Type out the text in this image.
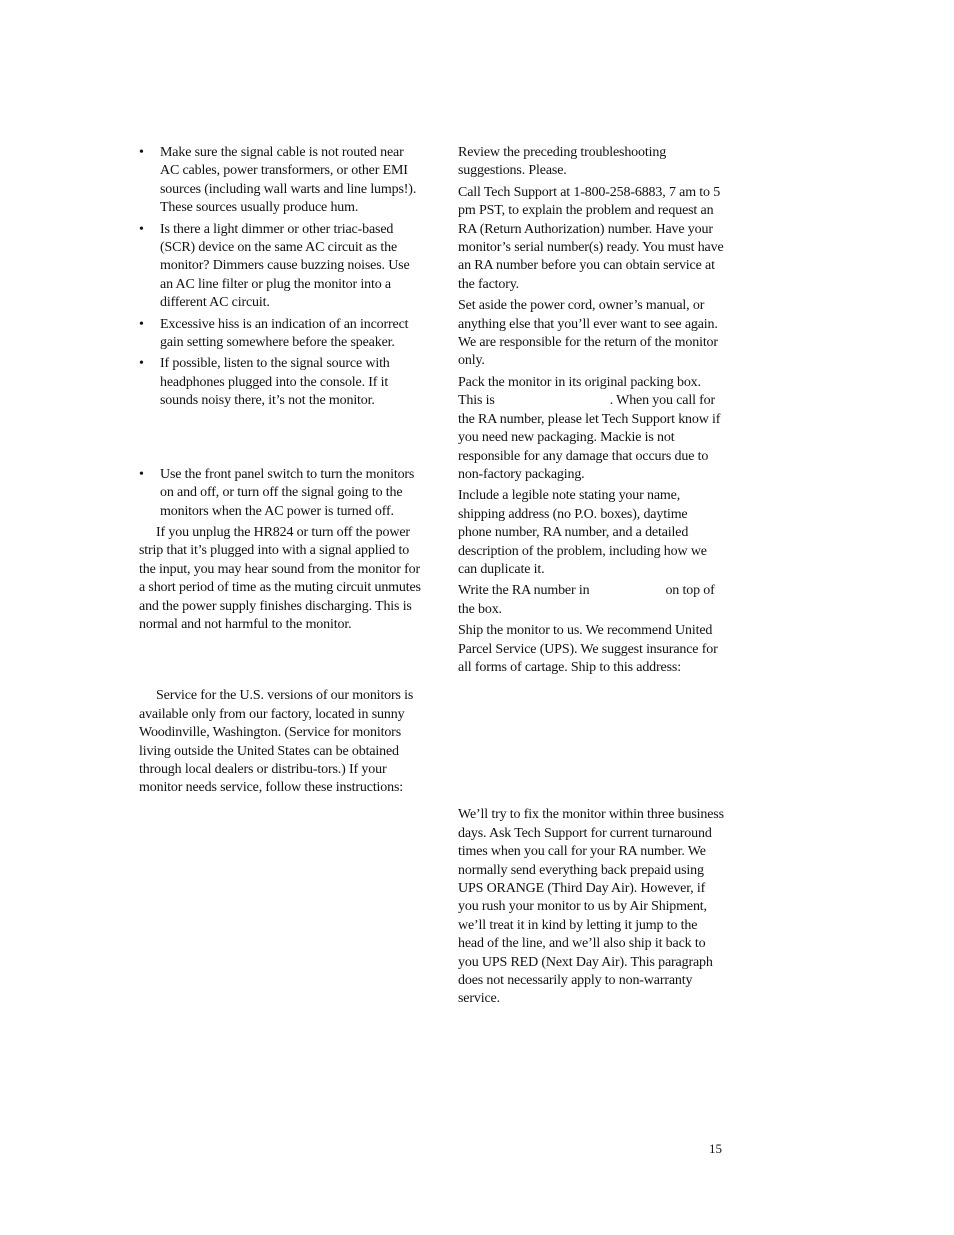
• Make sure the signal cable is not routed near AC cables, power transformers, or other EMI sources (including wall warts and line lumps!). These sources usually produce hum.
• Is there a light dimmer or other triac-based (SCR) device on the same AC circuit as the monitor? Dimmers cause buzzing noises. Use an AC line filter or plug the monitor into a different AC circuit.
• Excessive hiss is an indication of an incorrect gain setting somewhere before the speaker.
• If possible, listen to the signal source with headphones plugged into the console. If it sounds noisy there, it’s not the monitor.
• Use the front panel switch to turn the monitors on and off, or turn off the signal going to the monitors when the AC power is turned off.

If you unplug the HR824 or turn off the power strip that it’s plugged into with a signal applied to the input, you may hear sound from the monitor for a short period of time as the muting circuit unmutes and the power supply finishes discharging. This is normal and not harmful to the monitor.

Service for the U.S. versions of our monitors is available only from our factory, located in sunny Woodinville, Washington. (Service for monitors living outside the United States can be obtained through local dealers or distribu-tors.) If your monitor needs service, follow these instructions:

Review the preceding troubleshooting suggestions. Please.

Call Tech Support at 1-800-258-6883, 7 am to 5 pm PST, to explain the problem and request an RA (Return Authorization) number. Have your monitor’s serial number(s) ready. You must have an RA number before you can obtain service at the factory.

Set aside the power cord, owner’s manual, or anything else that you’ll ever want to see again. We are responsible for the return of the monitor only.

Pack the monitor in its original packing box. This is	. When you call for the RA number, please let Tech Support know if you need new packaging. Mackie is not responsible for any damage that occurs due to non-factory packaging.

Include a legible note stating your name, shipping address (no P.O. boxes), daytime phone number, RA number, and a detailed description of the problem, including how we can duplicate it.

Write the RA number in	on top of the box.

Ship the monitor to us. We recommend United Parcel Service (UPS). We suggest insurance for all forms of cartage. Ship to this address:

We’ll try to fix the monitor within three business days. Ask Tech Support for current turnaround times when you call for your RA number. We normally send everything back prepaid using UPS ORANGE (Third Day Air). However, if you rush your monitor to us by Air Shipment, we’ll treat it in kind by letting it jump to the head of the line, and we’ll also ship it back to you UPS RED (Next Day Air). This paragraph does not necessarily apply to non-warranty service.

15
